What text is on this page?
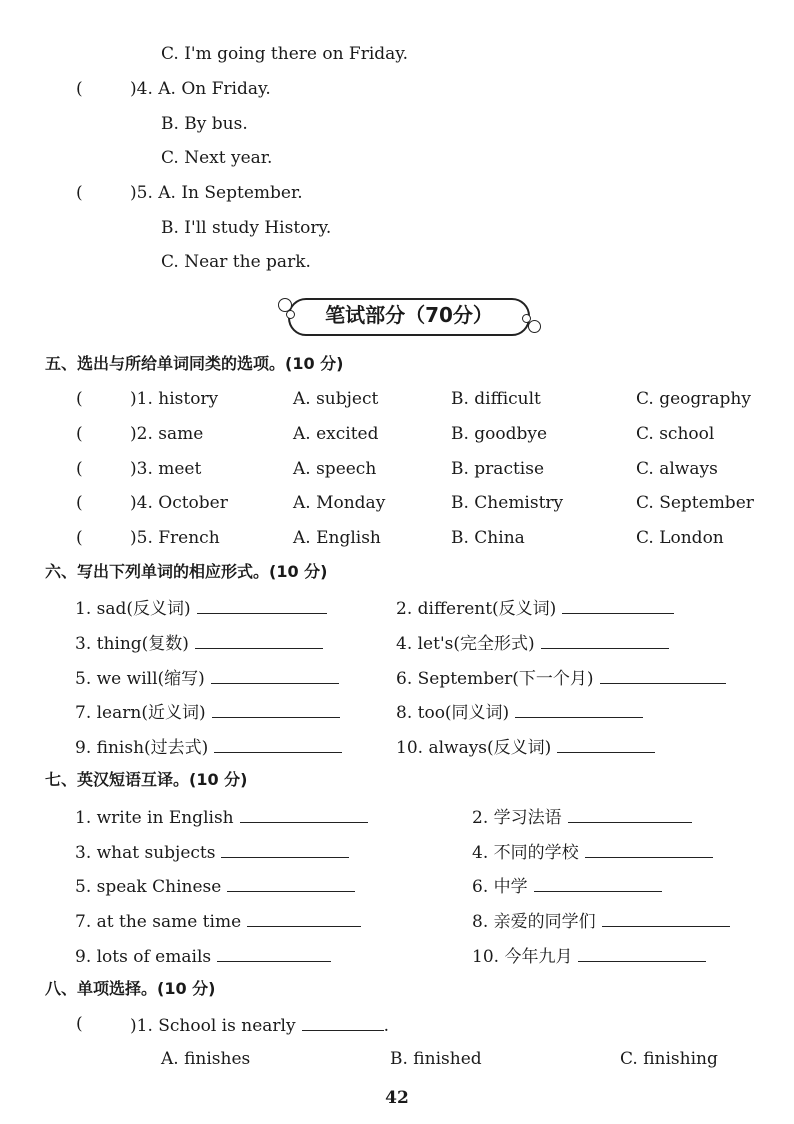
C. I'm going there on Friday.
(	)4. A. On Friday.
B. By bus.
C. Next year.
(	)5. A. In September.
B. I'll study History.
C. Near the park.
笔试部分（70分）
五、选出与所给单词同类的选项。(10 分)
(	)1. history	A. subject	B. difficult	C. geography
(	)2. same	A. excited	B. goodbye	C. school
(	)3. meet	A. speech	B. practise	C. always
(	)4. October	A. Monday	B. Chemistry	C. September
(	)5. French	A. English	B. China	C. London
六、写出下列单词的相应形式。(10 分)
1. sad(反义词)	2. different(反义词)
3. thing(复数)	4. let's(完全形式)
5. we will(缩写)	6. September(下一个月)
7. learn(近义词)	8. too(同义词)
9. finish(过去式)	10. always(反义词)
七、英汉短语互译。(10 分)
1. write in English	2. 学习法语
3. what subjects	4. 不同的学校
5. speak Chinese	6. 中学
7. at the same time	8. 亲爱的同学们
9. lots of emails	10. 今年九月
八、单项选择。(10 分)
(	)1. School is nearly	.
A. finishes	B. finished	C. finishing
42
